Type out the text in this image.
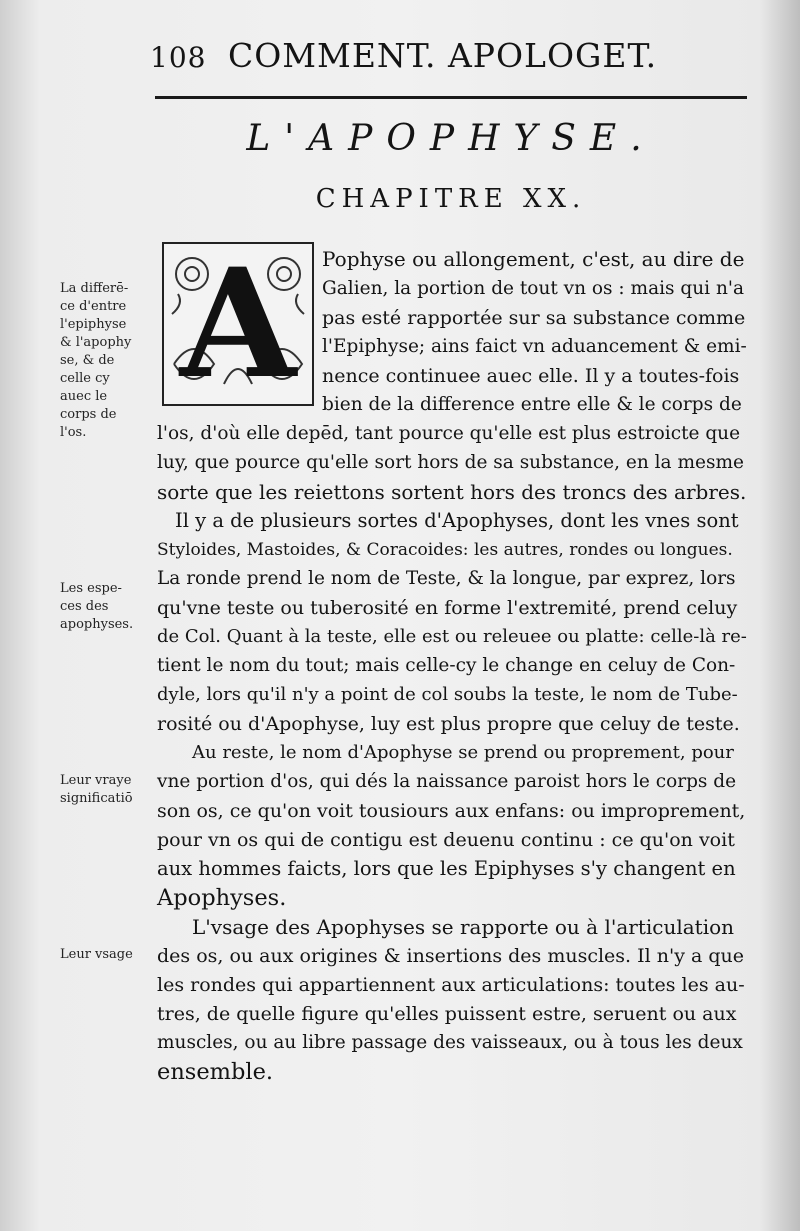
108 COMMENT. APOLOGET.
L'APOPHYSE.
CHAPITRE XX.
A	Pophyse ou allongement, c'est, au dire de
Galien, la portion de tout vn os : mais qui n'a
pas esté rapportée sur sa substance comme
l'Epiphyse; ains faict vn aduancement & emi-
nence continuee auec elle. Il y a toutes-fois
bien de la difference entre elle & le corps de
l'os, d'où elle depēd, tant pource qu'elle est plus estroicte que
luy, que pource qu'elle sort hors de sa substance, en la mesme
sorte que les reiettons sortent hors des troncs des arbres.
Il y a de plusieurs sortes d'Apophyses, dont les vnes sont
Styloides, Mastoides, & Coracoides: les autres, rondes ou longues.
La ronde prend le nom de Teste, & la longue, par exprez, lors
qu'vne teste ou tuberosité en forme l'extremité, prend celuy
de Col. Quant à la teste, elle est ou releuee ou platte: celle-là re-
tient le nom du tout; mais celle-cy le change en celuy de Con-
dyle, lors qu'il n'y a point de col soubs la teste, le nom de Tube-
rosité ou d'Apophyse, luy est plus propre que celuy de teste.
Au reste, le nom d'Apophyse se prend ou proprement, pour
vne portion d'os, qui dés la naissance paroist hors le corps de
son os, ce qu'on voit tousiours aux enfans: ou improprement,
pour vn os qui de contigu est deuenu continu : ce qu'on voit
aux hommes faicts, lors que les Epiphyses s'y changent en
Apophyses.
L'vsage des Apophyses se rapporte ou à l'articulation
des os, ou aux origines & insertions des muscles. Il n'y a que
les rondes qui appartiennent aux articulations: toutes les au-
tres, de quelle figure qu'elles puissent estre, seruent ou aux
muscles, ou au libre passage des vaisseaux, ou à tous les deux
ensemble.
La differē-
ce d'entre
l'epiphyse
& l'apophy
se, & de
celle cy
auec le
corps de
l'os.
Les espe-
ces des
apophyses.
Leur vraye
significatiō
Leur vsage
